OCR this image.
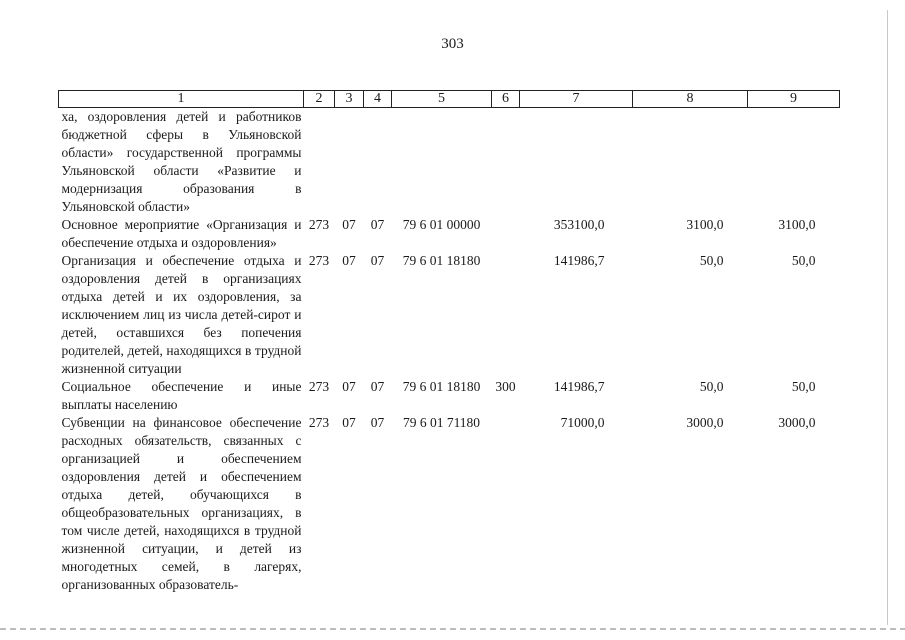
303
1	2	3	4	5	6	7	8	9
ха, оздоровления детей и работников бюджетной сферы в Ульяновской области» государственной программы Ульяновской области «Развитие и модернизация образования в Ульяновской области»								
Основное мероприятие «Организация и обеспечение отдыха и оздоровления»	273	07	07	79 6 01 00000		353100,0	3100,0	3100,0
Организация и обеспечение отдыха и оздоровления детей в организациях отдыха детей и их оздоровления, за исключением лиц из числа детей-сирот и детей, оставшихся без попечения родителей, детей, находящихся в трудной жизненной ситуации	273	07	07	79 6 01 18180		141986,7	50,0	50,0
Социальное обеспечение и иные выплаты населению	273	07	07	79 6 01 18180	300	141986,7	50,0	50,0
Субвенции на финансовое обеспечение расходных обязательств, связанных с организацией и обеспечением оздоровления детей и обеспечением отдыха детей, обучающихся в общеобразовательных организациях, в том числе детей, находящихся в трудной жизненной ситуации, и детей из многодетных семей, в лагерях, организованных образователь-	273	07	07	79 6 01 71180		71000,0	3000,0	3000,0
